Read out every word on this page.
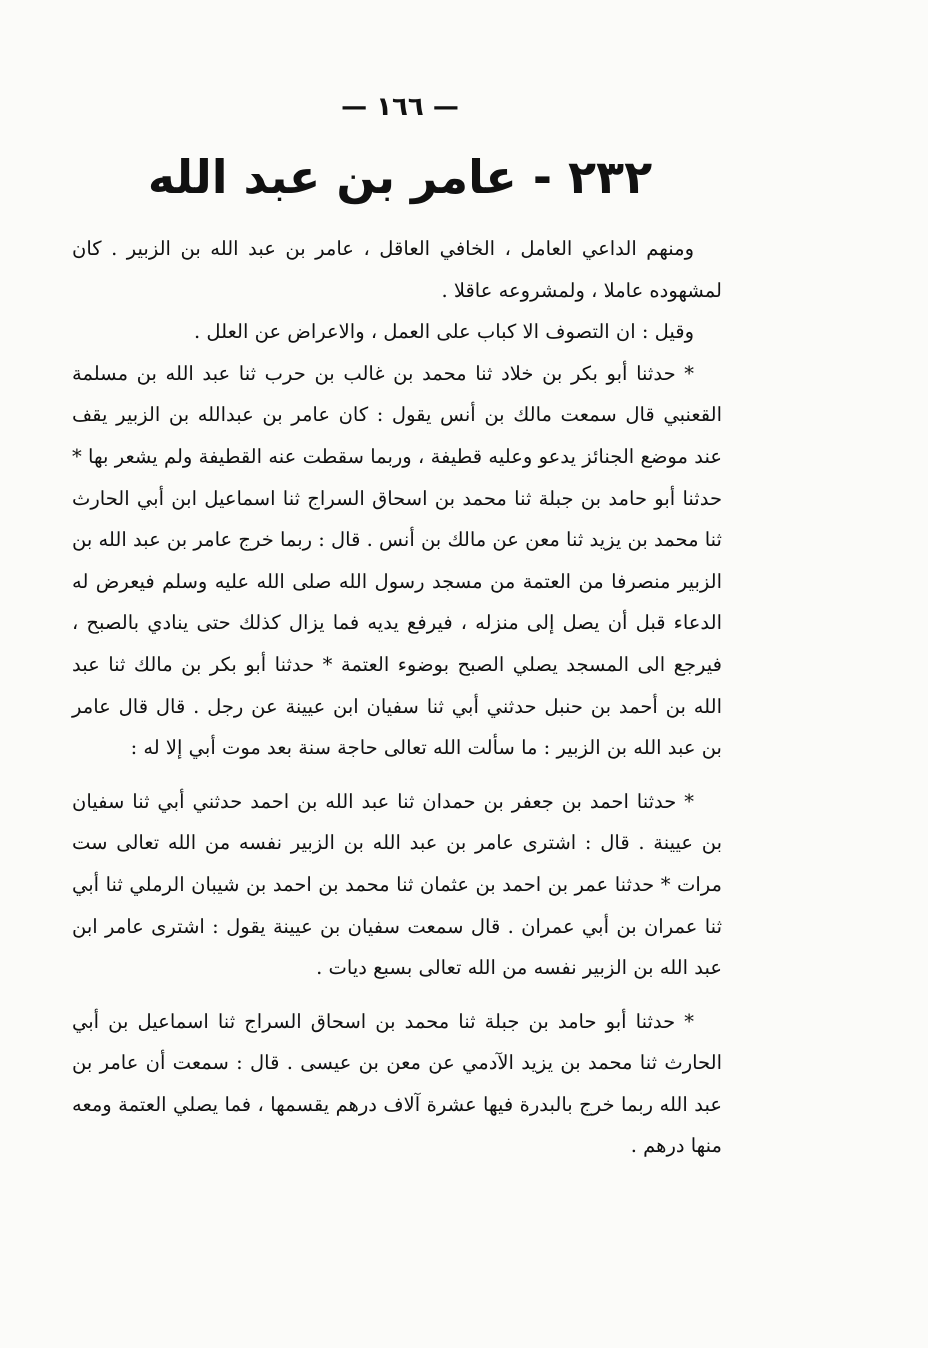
— ١٦٦ —
٢٣٢ - عامر بن عبد الله

ومنهم الداعي العامل ، الخافي العاقل ، عامر بن عبد الله بن الزبير . كان لمشهوده عاملا ، ولمشروعه عاقلا .

وقيل : ان التصوف الا كباب على العمل ، والاعراض عن العلل .

* حدثنا أبو بكر بن خلاد ثنا محمد بن غالب بن حرب ثنا عبد الله بن مسلمة القعنبي قال سمعت مالك بن أنس يقول : كان عامر بن عبدالله بن الزبير يقف عند موضع الجنائز يدعو وعليه قطيفة ، وربما سقطت عنه القطيفة ولم يشعر بها * حدثنا أبو حامد بن جبلة ثنا محمد بن اسحاق السراج ثنا اسماعيل ابن أبي الحارث ثنا محمد بن يزيد ثنا معن عن مالك بن أنس . قال : ربما خرج عامر بن عبد الله بن الزبير منصرفا من العتمة من مسجد رسول الله صلى الله عليه وسلم فيعرض له الدعاء قبل أن يصل إلى منزله ، فيرفع يديه فما يزال كذلك حتى ينادي بالصبح ، فيرجع الى المسجد يصلي الصبح بوضوء العتمة * حدثنا أبو بكر بن مالك ثنا عبد الله بن أحمد بن حنبل حدثني أبي ثنا سفيان ابن عيينة عن رجل . قال قال عامر بن عبد الله بن الزبير : ما سألت الله تعالى حاجة سنة بعد موت أبي إلا له :

* حدثنا احمد بن جعفر بن حمدان ثنا عبد الله بن احمد حدثني أبي ثنا سفيان بن عيينة . قال : اشترى عامر بن عبد الله بن الزبير نفسه من الله تعالى ست مرات * حدثنا عمر بن احمد بن عثمان ثنا محمد بن احمد بن شيبان الرملي ثنا أبي ثنا عمران بن أبي عمران . قال سمعت سفيان بن عيينة يقول : اشترى عامر ابن عبد الله بن الزبير نفسه من الله تعالى بسبع ديات .

* حدثنا أبو حامد بن جبلة ثنا محمد بن اسحاق السراج ثنا اسماعيل بن أبي الحارث ثنا محمد بن يزيد الآدمي عن معن بن عيسى . قال : سمعت أن عامر بن عبد الله ربما خرج بالبدرة فيها عشرة آلاف درهم يقسمها ، فما يصلي العتمة ومعه منها درهم .
